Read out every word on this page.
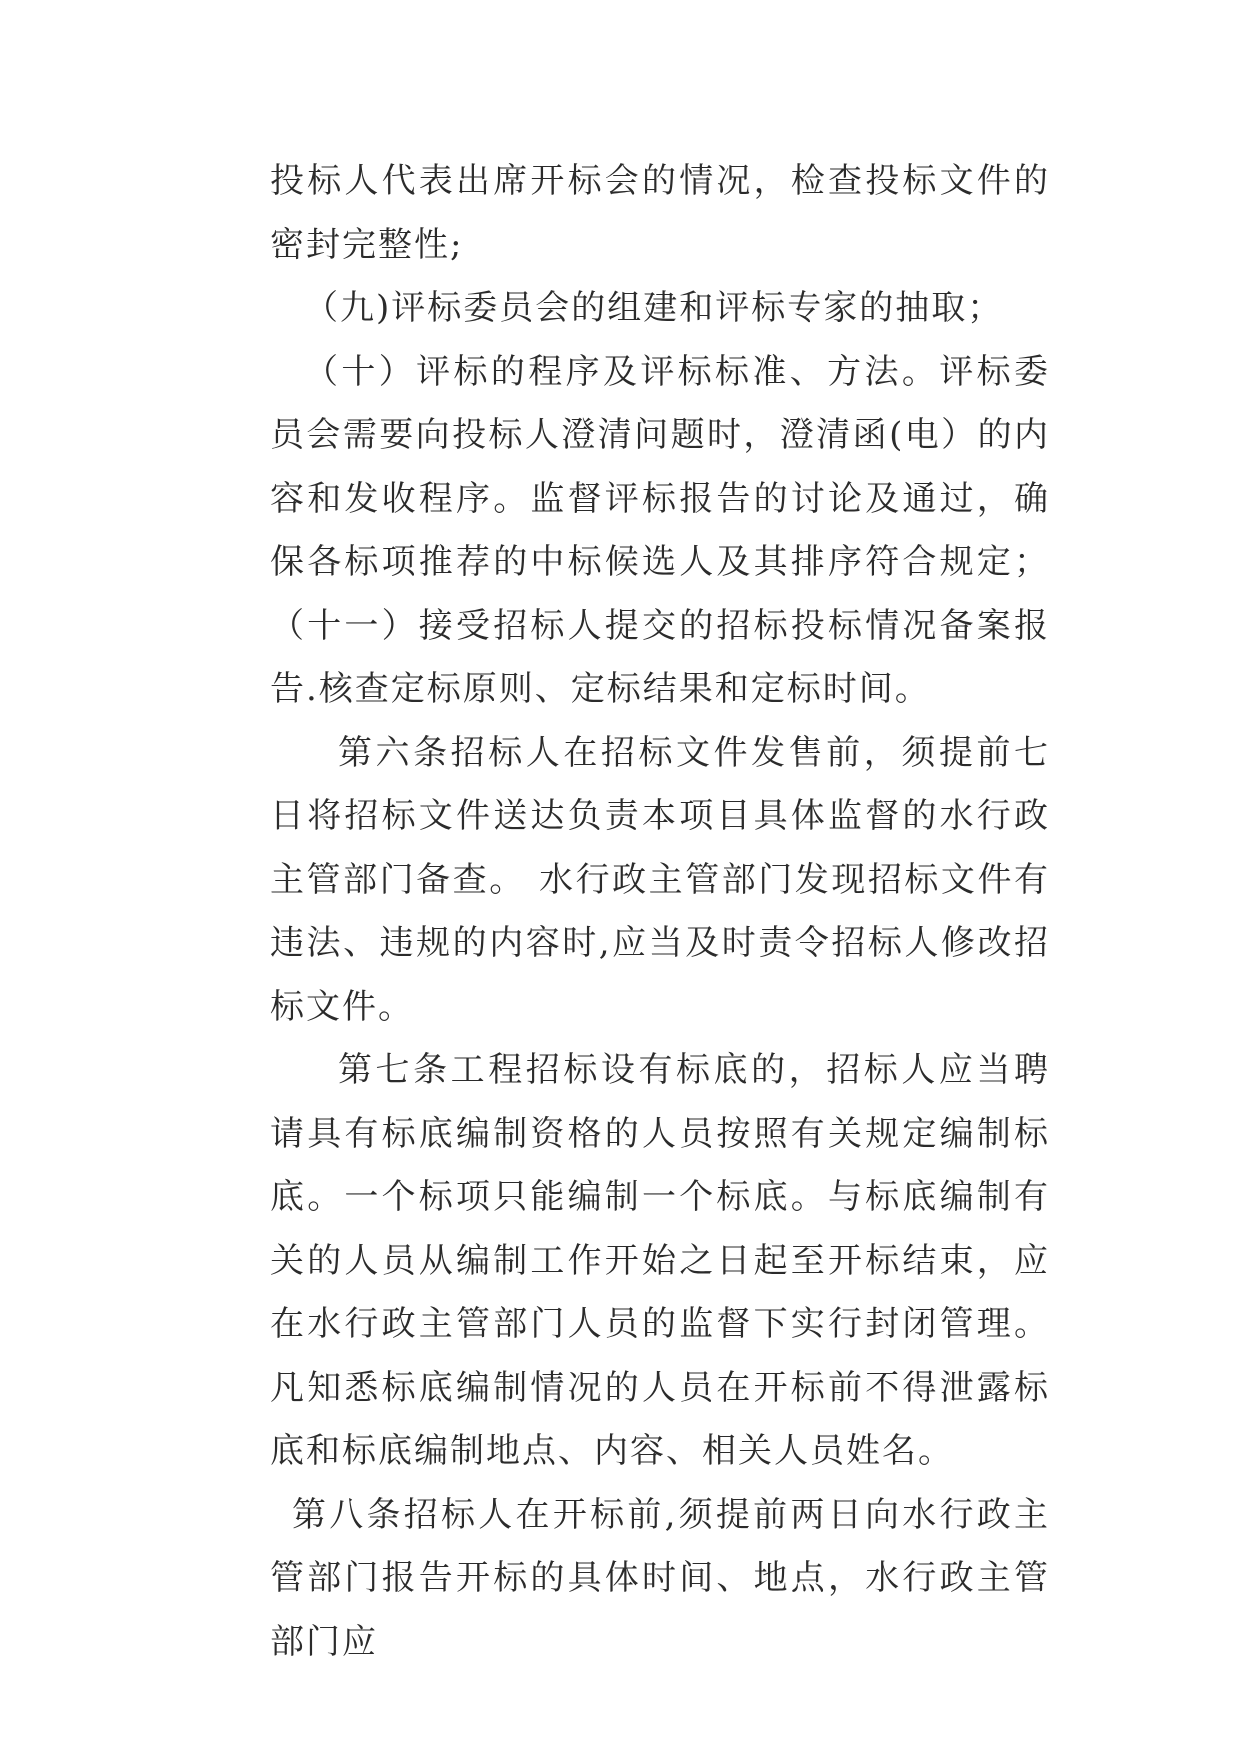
投标人代表出席开标会的情况，检查投标文件的密封完整性;

（九)评标委员会的组建和评标专家的抽取；

（十）评标的程序及评标标准、方法。评标委员会需要向投标人澄清问题时，澄清函(电）的内容和发收程序。监督评标报告的讨论及通过，确保各标项推荐的中标候选人及其排序符合规定；（十一）接受招标人提交的招标投标情况备案报告.核查定标原则、定标结果和定标时间。

第六条招标人在招标文件发售前，须提前七日将招标文件送达负责本项目具体监督的水行政主管部门备查。 水行政主管部门发现招标文件有违法、违规的内容时,应当及时责令招标人修改招标文件。

第七条工程招标设有标底的，招标人应当聘请具有标底编制资格的人员按照有关规定编制标底。一个标项只能编制一个标底。与标底编制有关的人员从编制工作开始之日起至开标结束，应在水行政主管部门人员的监督下实行封闭管理。凡知悉标底编制情况的人员在开标前不得泄露标底和标底编制地点、内容、相关人员姓名。

第八条招标人在开标前,须提前两日向水行政主管部门报告开标的具体时间、地点，水行政主管部门应
